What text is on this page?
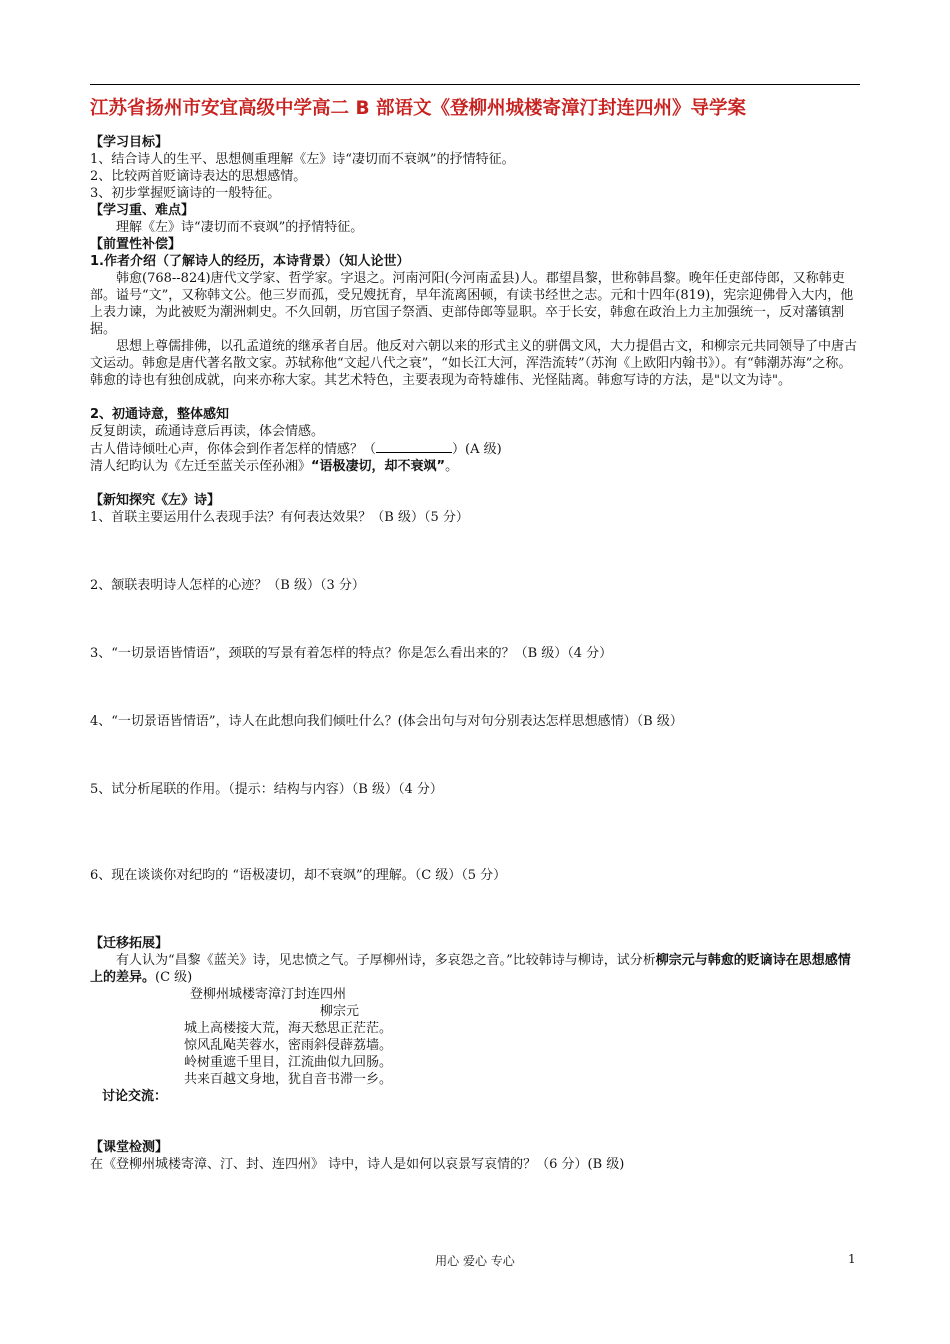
江苏省扬州市安宜高级中学高二 B 部语文《登柳州城楼寄漳汀封连四州》导学案

【学习目标】

1、结合诗人的生平、思想侧重理解《左》诗“凄切而不衰飒”的抒情特征。

2、比较两首贬谪诗表达的思想感情。

3、初步掌握贬谪诗的一般特征。

【学习重、难点】

理解《左》诗“凄切而不衰飒”的抒情特征。

【前置性补偿】

1.作者介绍（了解诗人的经历，本诗背景）（知人论世）

韩愈(768--824)唐代文学家、哲学家。字退之。河南河阳(今河南孟县)人。郡望昌黎，世称韩昌黎。晚年任吏部侍郎，又称韩吏部。谥号“文”，又称韩文公。他三岁而孤，受兄嫂抚育，早年流离困顿，有读书经世之志。元和十四年(819)，宪宗迎佛骨入大内，他上表力谏，为此被贬为潮洲刺史。不久回朝，历官国子祭酒、吏部侍郎等显职。卒于长安，韩愈在政治上力主加强统一，反对藩镇割据。

思想上尊儒排佛，以孔孟道统的继承者自居。他反对六朝以来的形式主义的骈偶文风，大力提倡古文，和柳宗元共同领导了中唐古文运动。韩愈是唐代著名散文家。苏轼称他“文起八代之衰”，“如长江大河，浑浩流转”（苏洵《上欧阳内翰书》）。有“韩潮苏海”之称。

韩愈的诗也有独创成就，向来亦称大家。其艺术特色，主要表现为奇特雄伟、光怪陆离。韩愈写诗的方法，是"以文为诗"。

2、初通诗意，整体感知

反复朗读，疏通诗意后再读，体会情感。

古人借诗倾吐心声，你体会到作者怎样的情感？（	）(A 级)

清人纪昀认为《左迁至蓝关示侄孙湘》“语极凄切，却不衰飒”。

【新知探究《左》诗】

1、首联主要运用什么表现手法？有何表达效果？（B 级）（5 分）

2、颔联表明诗人怎样的心迹？（B 级）（3 分）

3、“一切景语皆情语”，颈联的写景有着怎样的特点？你是怎么看出来的？（B 级）（4 分）

4、“一切景语皆情语”，诗人在此想向我们倾吐什么？(体会出句与对句分别表达怎样思想感情）（B 级）

5、试分析尾联的作用。（提示：结构与内容）（B 级）（4 分）

6、现在谈谈你对纪昀的 “语极凄切，却不衰飒”的理解。（C 级）（5 分）

【迁移拓展】

有人认为“昌黎《蓝关》诗，见忠愤之气。子厚柳州诗，多哀怨之音。”比较韩诗与柳诗，试分析柳宗元与韩愈的贬谪诗在思想感情上的差异。(C 级)

登柳州城楼寄漳汀封连四州

柳宗元

城上高楼接大荒，海天愁思正茫茫。

惊风乱飐芙蓉水，密雨斜侵薜荔墙。

岭树重遮千里目，江流曲似九回肠。

共来百越文身地，犹自音书滞一乡。

讨论交流：

【课堂检测】

在《登柳州城楼寄漳、汀、封、连四州》 诗中，诗人是如何以哀景写哀情的？（6 分）(B 级)

用心 爱心 专心	1
